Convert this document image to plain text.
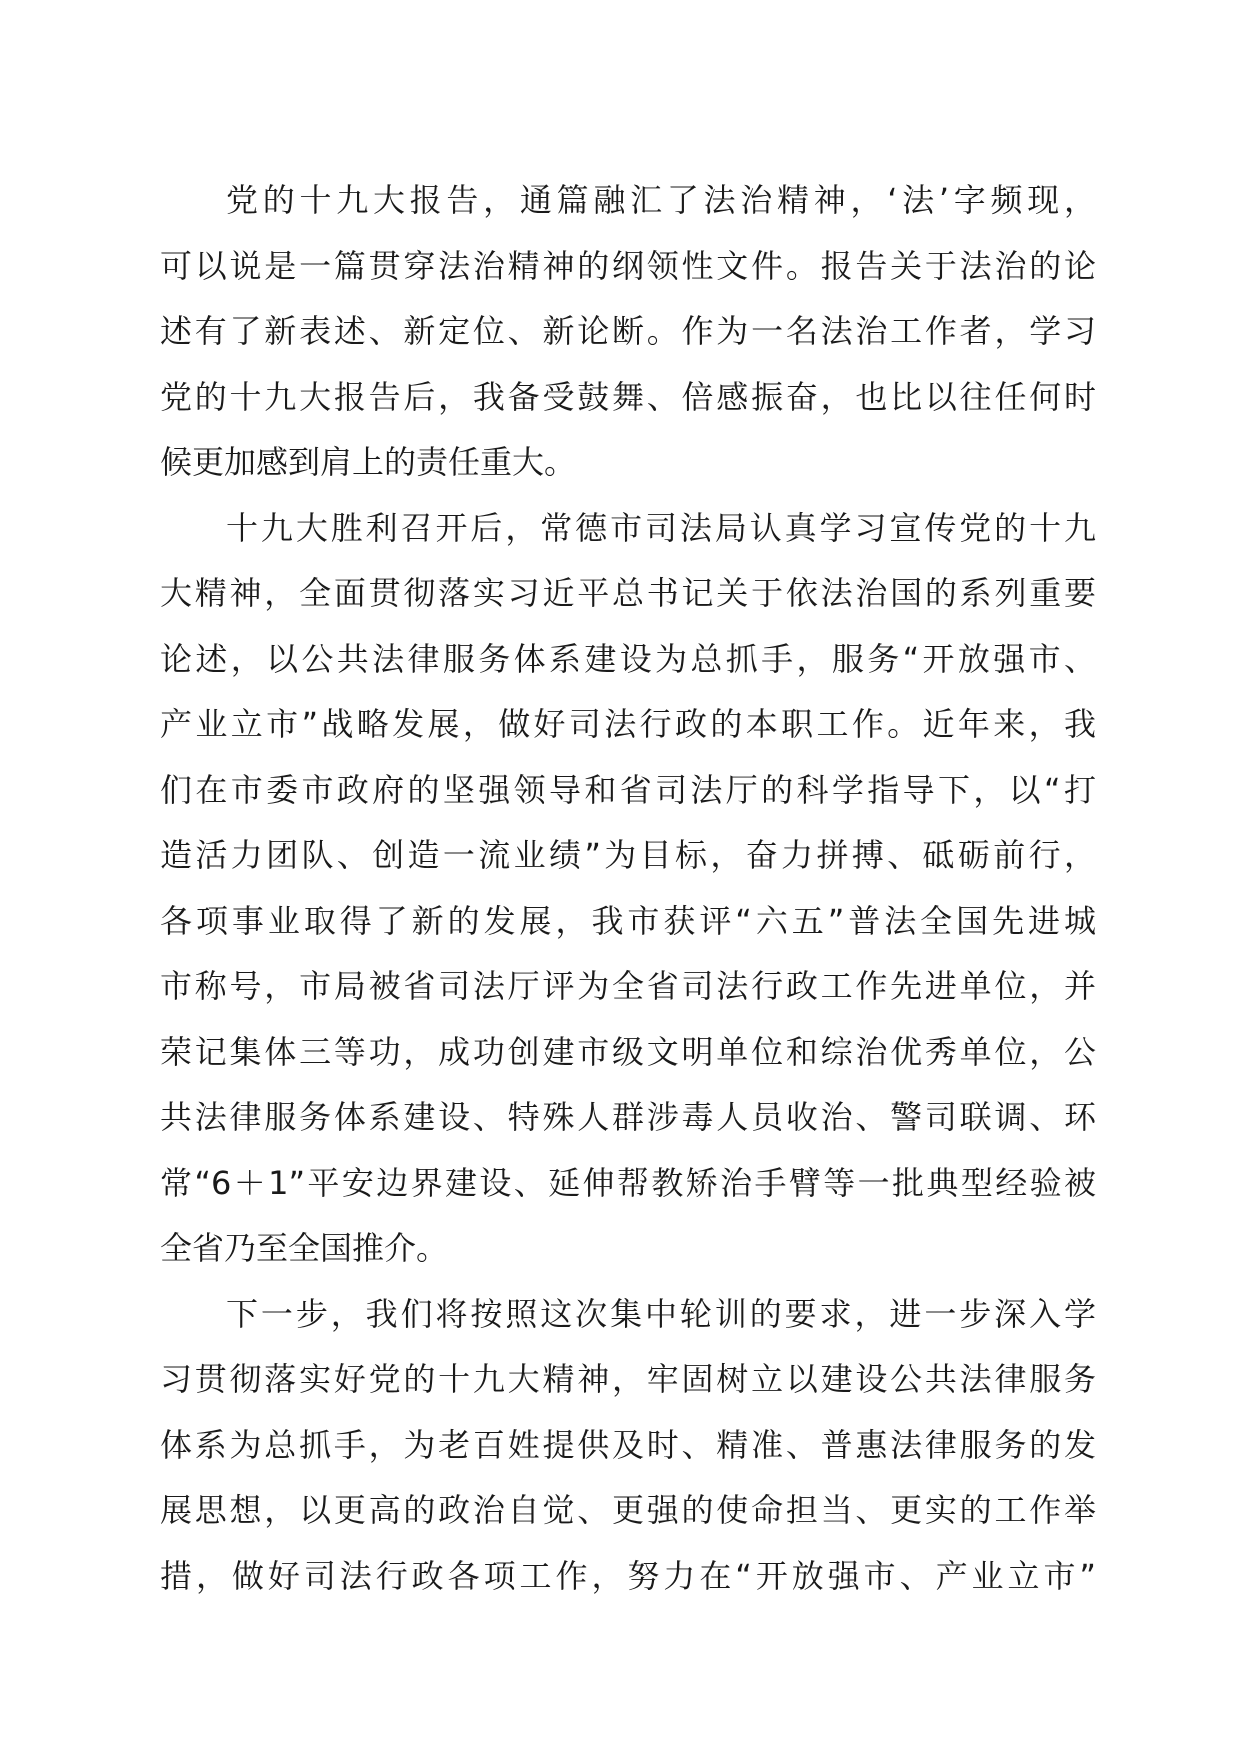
党的十九大报告，通篇融汇了法治精神，‘法’字频现，
可以说是一篇贯穿法治精神的纲领性文件。报告关于法治的论
述有了新表述、新定位、新论断。作为一名法治工作者，学习
党的十九大报告后，我备受鼓舞、倍感振奋，也比以往任何时
候更加感到肩上的责任重大。
十九大胜利召开后，常德市司法局认真学习宣传党的十九
大精神，全面贯彻落实习近平总书记关于依法治国的系列重要
论述，以公共法律服务体系建设为总抓手，服务“开放强市、
产业立市”战略发展，做好司法行政的本职工作。近年来，我
们在市委市政府的坚强领导和省司法厅的科学指导下，以“打
造活力团队、创造一流业绩”为目标，奋力拼搏、砥砺前行，
各项事业取得了新的发展，我市获评“六五”普法全国先进城
市称号，市局被省司法厅评为全省司法行政工作先进单位，并
荣记集体三等功，成功创建市级文明单位和综治优秀单位，公
共法律服务体系建设、特殊人群涉毒人员收治、警司联调、环
常“6＋1”平安边界建设、延伸帮教矫治手臂等一批典型经验被
全省乃至全国推介。
下一步，我们将按照这次集中轮训的要求，进一步深入学
习贯彻落实好党的十九大精神，牢固树立以建设公共法律服务
体系为总抓手，为老百姓提供及时、精准、普惠法律服务的发
展思想，以更高的政治自觉、更强的使命担当、更实的工作举
措，做好司法行政各项工作，努力在“开放强市、产业立市”
